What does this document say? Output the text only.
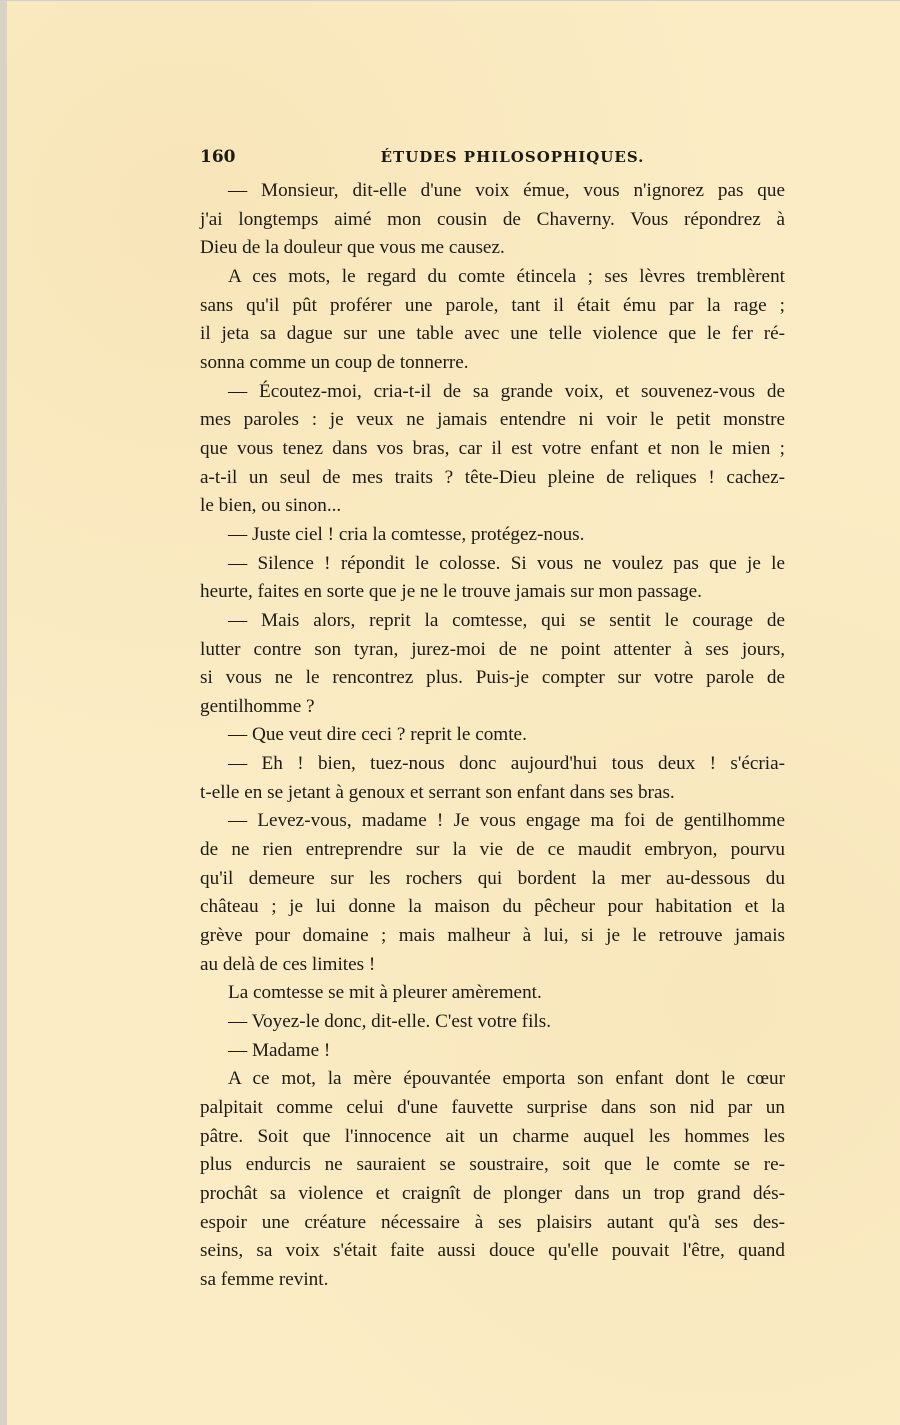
160	ÉTUDES PHILOSOPHIQUES.
— Monsieur, dit-elle d'une voix émue, vous n'ignorez pas que
j'ai longtemps aimé mon cousin de Chaverny. Vous répondrez à
Dieu de la douleur que vous me causez.
A ces mots, le regard du comte étincela ; ses lèvres tremblèrent
sans qu'il pût proférer une parole, tant il était ému par la rage ;
il jeta sa dague sur une table avec une telle violence que le fer ré-
sonna comme un coup de tonnerre.
— Écoutez-moi, cria-t-il de sa grande voix, et souvenez-vous de
mes paroles : je veux ne jamais entendre ni voir le petit monstre
que vous tenez dans vos bras, car il est votre enfant et non le mien ;
a-t-il un seul de mes traits ? tête-Dieu pleine de reliques ! cachez-
le bien, ou sinon...
— Juste ciel ! cria la comtesse, protégez-nous.
— Silence ! répondit le colosse. Si vous ne voulez pas que je le
heurte, faites en sorte que je ne le trouve jamais sur mon passage.
— Mais alors, reprit la comtesse, qui se sentit le courage de
lutter contre son tyran, jurez-moi de ne point attenter à ses jours,
si vous ne le rencontrez plus. Puis-je compter sur votre parole de
gentilhomme ?
— Que veut dire ceci ? reprit le comte.
— Eh ! bien, tuez-nous donc aujourd'hui tous deux ! s'écria-
t-elle en se jetant à genoux et serrant son enfant dans ses bras.
— Levez-vous, madame ! Je vous engage ma foi de gentilhomme
de ne rien entreprendre sur la vie de ce maudit embryon, pourvu
qu'il demeure sur les rochers qui bordent la mer au-dessous du
château ; je lui donne la maison du pêcheur pour habitation et la
grève pour domaine ; mais malheur à lui, si je le retrouve jamais
au delà de ces limites !
La comtesse se mit à pleurer amèrement.
— Voyez-le donc, dit-elle. C'est votre fils.
— Madame !
A ce mot, la mère épouvantée emporta son enfant dont le cœur
palpitait comme celui d'une fauvette surprise dans son nid par un
pâtre. Soit que l'innocence ait un charme auquel les hommes les
plus endurcis ne sauraient se soustraire, soit que le comte se re-
prochât sa violence et craignît de plonger dans un trop grand dés-
espoir une créature nécessaire à ses plaisirs autant qu'à ses des-
seins, sa voix s'était faite aussi douce qu'elle pouvait l'être, quand
sa femme revint.
